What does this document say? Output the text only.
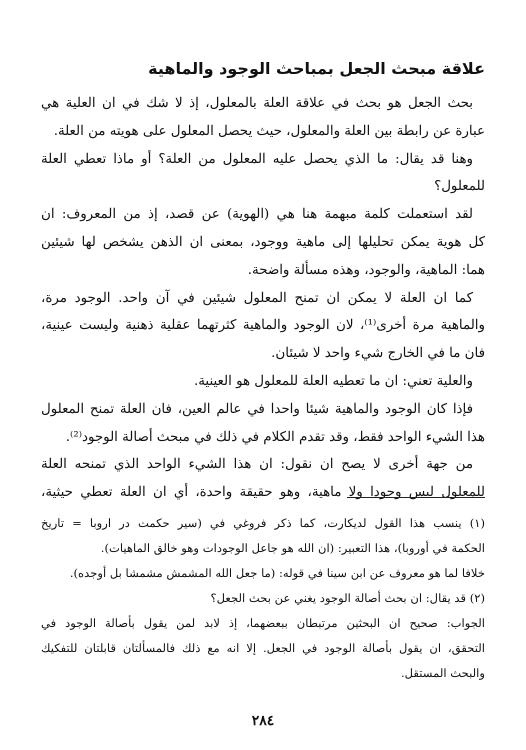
علاقة مبحث الجعل بمباحث الوجود والماهية
بحث الجعل هو بحث في علاقة العلة بالمعلول، إذ لا شك في ان العلية هي
عبارة عن رابطة بين العلة والمعلول، حيث يحصل المعلول على هويته من العلة.
وهنا قد يقال: ما الذي يحصل عليه المعلول من العلة؟ أو ماذا تعطي العلة
للمعلول؟
لقد استعملت كلمة مبهمة هنا هي (الهوية) عن قصد، إذ من المعروف: ان
كل هوية يمكن تحليلها إلى ماهية ووجود، بمعنى ان الذهن يشخص لها شيئين
هما: الماهية، والوجود، وهذه مسألة واضحة.
كما ان العلة لا يمكن ان تمنح المعلول شيئين في آن واحد. الوجود مرة،
والماهية مرة أخرى⁽¹⁾، لان الوجود والماهية كثرتهما عقلية ذهنية وليست عينية،
فان ما في الخارج شيء واحد لا شيئان.
والعلية تعني: ان ما تعطيه العلة للمعلول هو العينية.
فإذا كان الوجود والماهية شيئا واحدا في عالم العين، فان العلة تمنح المعلول
هذا الشيء الواحد فقط، وقد تقدم الكلام في ذلك في مبحث أصالة الوجود⁽²⁾.
من جهة أخرى لا يصح ان نقول: ان هذا الشيء الواحد الذي تمنحه العلة
للمعلول ليس وجودا ولا ماهية، وهو حقيقة واحدة، أي ان العلة تعطي حيثية،
(١) ينسب هذا القول لديكارت، كما ذكر فروغي في (سير حكمت در اروبا = تاريخ
الحكمة في أوروبا)، هذا التعبير: (ان الله هو جاعل الوجودات وهو خالق الماهيات).
خلافا لما هو معروف عن ابن سينا في قوله: (ما جعل الله المشمش مشمشا بل أوجده).
(٢) قد يقال: ان بحث أصالة الوجود يغني عن بحث الجعل؟
الجواب: صحيح ان البحثين مرتبطان ببعضهما، إذ لابد لمن يقول بأصالة الوجود في
التحقق، ان يقول بأصالة الوجود في الجعل. إلا انه مع ذلك فالمسألتان قابلتان للتفكيك
والبحث المستقل.
٢٨٤
